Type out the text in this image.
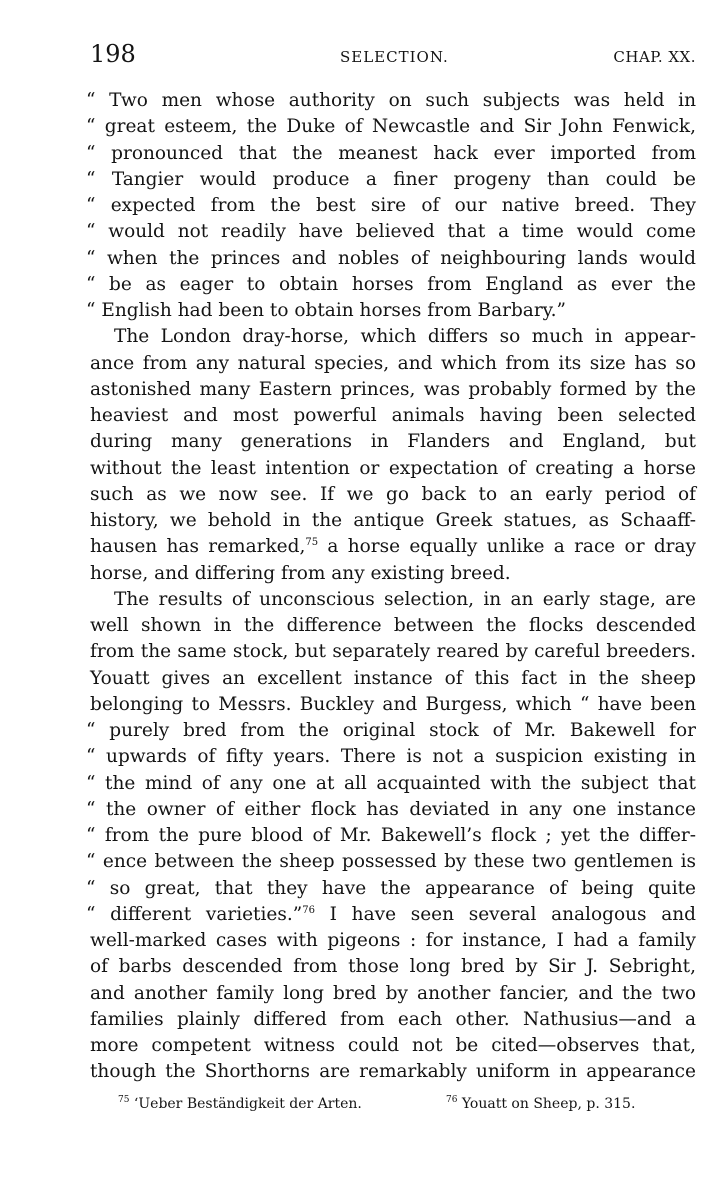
198	SELECTION.	CHAP. XX.
“ Two men whose authority on such subjects was held in
“ great esteem, the Duke of Newcastle and Sir John Fenwick,
“ pronounced that the meanest hack ever imported from
“ Tangier would produce a finer progeny than could be
“ expected from the best sire of our native breed. They
“ would not readily have believed that a time would come
“ when the princes and nobles of neighbouring lands would
“ be as eager to obtain horses from England as ever the
“ English had been to obtain horses from Barbary.”
The London dray-horse, which differs so much in appear-
ance from any natural species, and which from its size has so
astonished many Eastern princes, was probably formed by the
heaviest and most powerful animals having been selected
during many generations in Flanders and England, but
without the least intention or expectation of creating a horse
such as we now see. If we go back to an early period of
history, we behold in the antique Greek statues, as Schaaff-
hausen has remarked,$^{75}$ a horse equally unlike a race or dray
horse, and differing from any existing breed.
The results of unconscious selection, in an early stage, are
well shown in the difference between the flocks descended
from the same stock, but separately reared by careful breeders.
Youatt gives an excellent instance of this fact in the sheep
belonging to Messrs. Buckley and Burgess, which “ have been
“ purely bred from the original stock of Mr. Bakewell for
“ upwards of fifty years. There is not a suspicion existing in
“ the mind of any one at all acquainted with the subject that
“ the owner of either flock has deviated in any one instance
“ from the pure blood of Mr. Bakewell’s flock ; yet the differ-
“ ence between the sheep possessed by these two gentlemen is
“ so great, that they have the appearance of being quite
“ different varieties.”$^{76}$ I have seen several analogous and
well-marked cases with pigeons : for instance, I had a family
of barbs descended from those long bred by Sir J. Sebright,
and another family long bred by another fancier, and the two
families plainly differed from each other. Nathusius—and a
more competent witness could not be cited—observes that,
though the Shorthorns are remarkably uniform in appearance
$^{75}$ ‘Ueber Beständigkeit der Arten.	$^{76}$ Youatt on Sheep, p. 315.
